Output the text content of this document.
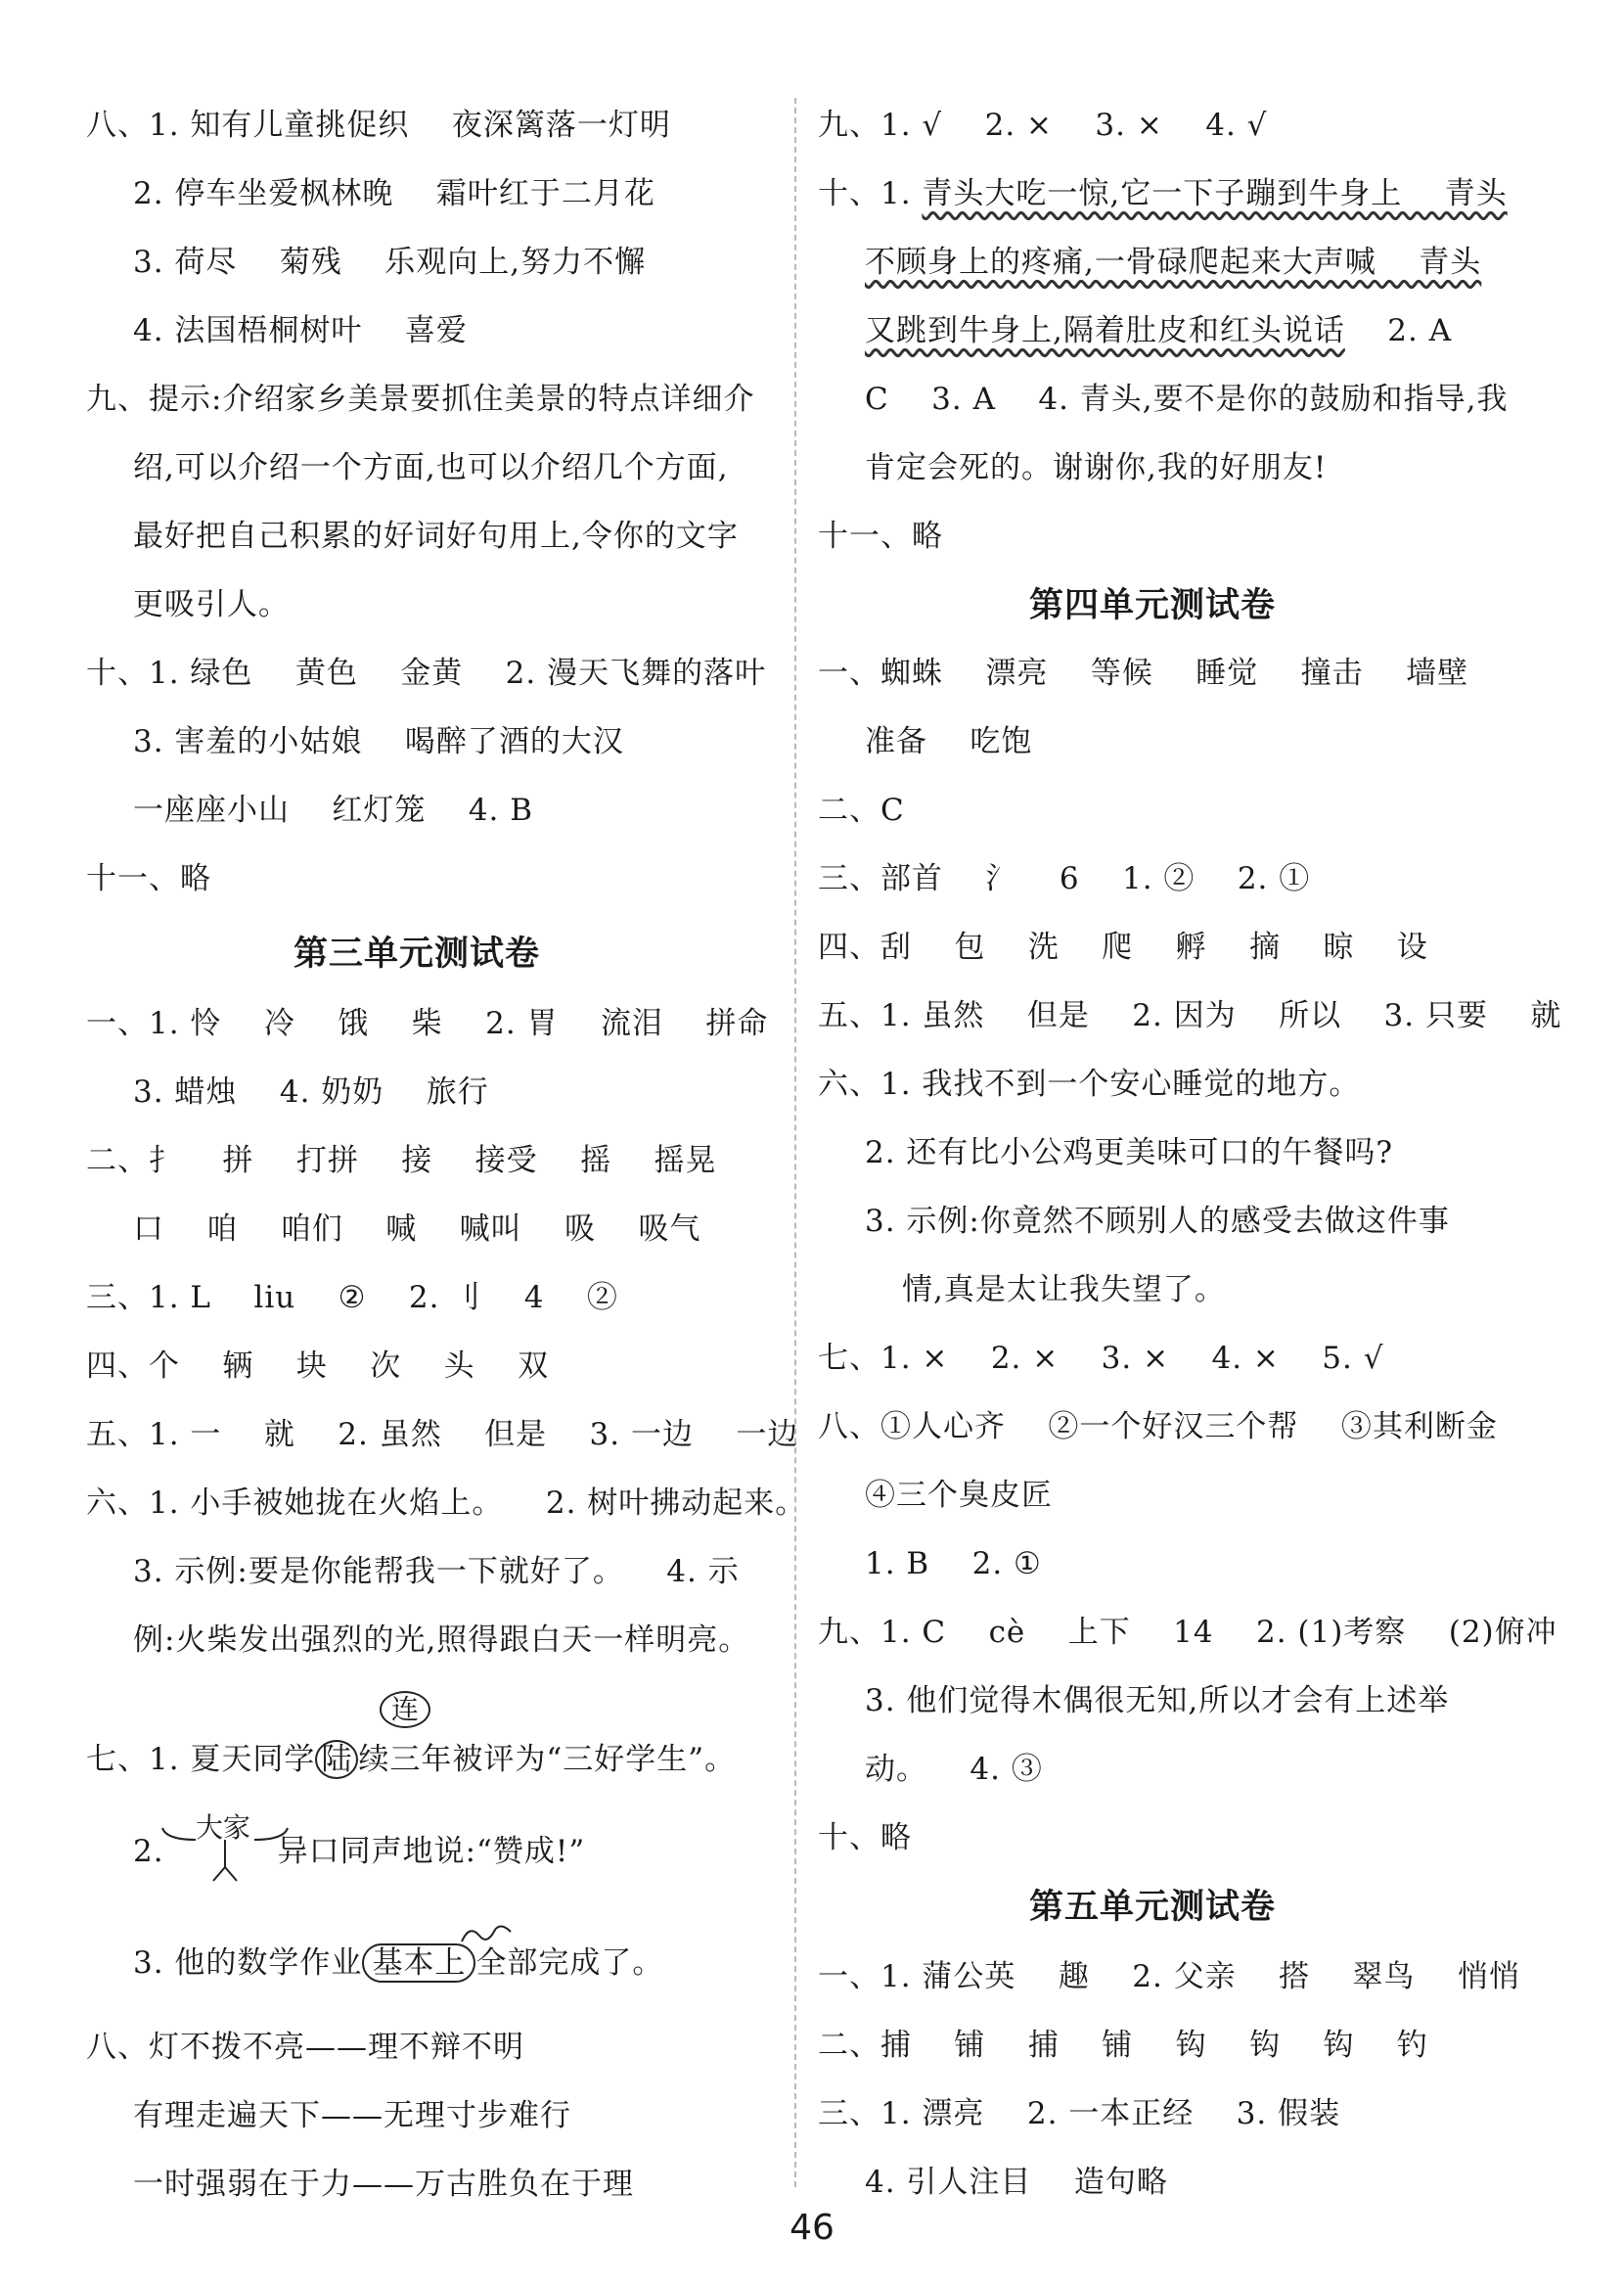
八、1. 知有儿童挑促织    夜深篱落一灯明
2. 停车坐爱枫林晚    霜叶红于二月花
3. 荷尽    菊残    乐观向上,努力不懈
4. 法国梧桐树叶    喜爱
九、提示:介绍家乡美景要抓住美景的特点详细介
绍,可以介绍一个方面,也可以介绍几个方面,
最好把自己积累的好词好句用上,令你的文字
更吸引人。
十、1. 绿色    黄色    金黄    2. 漫天飞舞的落叶
3. 害羞的小姑娘    喝醉了酒的大汉
一座座小山    红灯笼    4. B
十一、略
第三单元测试卷
一、1. 怜    冷    饿    柴    2. 胃    流泪    拼命
3. 蜡烛    4. 奶奶    旅行
二、扌    拼    打拼    接    接受    摇    摇晃
口    咱    咱们    喊    喊叫    吸    吸气
三、1. L    liu    ②    2. 刂    4    ②
四、个    辆    块    次    头    双
五、1. 一    就    2. 虽然    但是    3. 一边    一边
六、1. 小手被她拢在火焰上。    2. 树叶拂动起来。
3. 示例:要是你能帮我一下就好了。    4. 示
例:火柴发出强烈的光,照得跟白天一样明亮。
七、1. 夏天同学 陆 续三年被评为“三好学生”。
连
2.	异口同声地说:“赞成!”
大家
3. 他的数学作业 基本上 全部完成了。
八、灯不拨不亮——理不辩不明
有理走遍天下——无理寸步难行
一时强弱在于力——万古胜负在于理
九、1. √    2. ×    3. ×    4. √
十、1. 青头大吃一惊,它一下子蹦到牛身上    青头
不顾身上的疼痛,一骨碌爬起来大声喊    青头
又跳到牛身上,隔着肚皮和红头说话    2. A
C    3. A    4. 青头,要不是你的鼓励和指导,我
肯定会死的。谢谢你,我的好朋友!
十一、略
第四单元测试卷
一、蜘蛛    漂亮    等候    睡觉    撞击    墙壁
准备    吃饱
二、C
三、部首    氵    6    1. ②    2. ①
四、刮    包    洗    爬    孵    摘    晾    设
五、1. 虽然    但是    2. 因为    所以    3. 只要    就
六、1. 我找不到一个安心睡觉的地方。
2. 还有比小公鸡更美味可口的午餐吗?
3. 示例:你竟然不顾别人的感受去做这件事
情,真是太让我失望了。
七、1. ×    2. ×    3. ×    4. ×    5. √
八、①人心齐    ②一个好汉三个帮    ③其利断金
④三个臭皮匠
1. B    2. ①
九、1. C    cè    上下    14    2. (1)考察    (2)俯冲
3. 他们觉得木偶很无知,所以才会有上述举
动。    4. ③
十、略
第五单元测试卷
一、1. 蒲公英    趣    2. 父亲    搭    翠鸟    悄悄
二、捕    铺    捕    铺    钩    钩    钩    钓
三、1. 漂亮    2. 一本正经    3. 假装
4. 引人注目    造句略
46
